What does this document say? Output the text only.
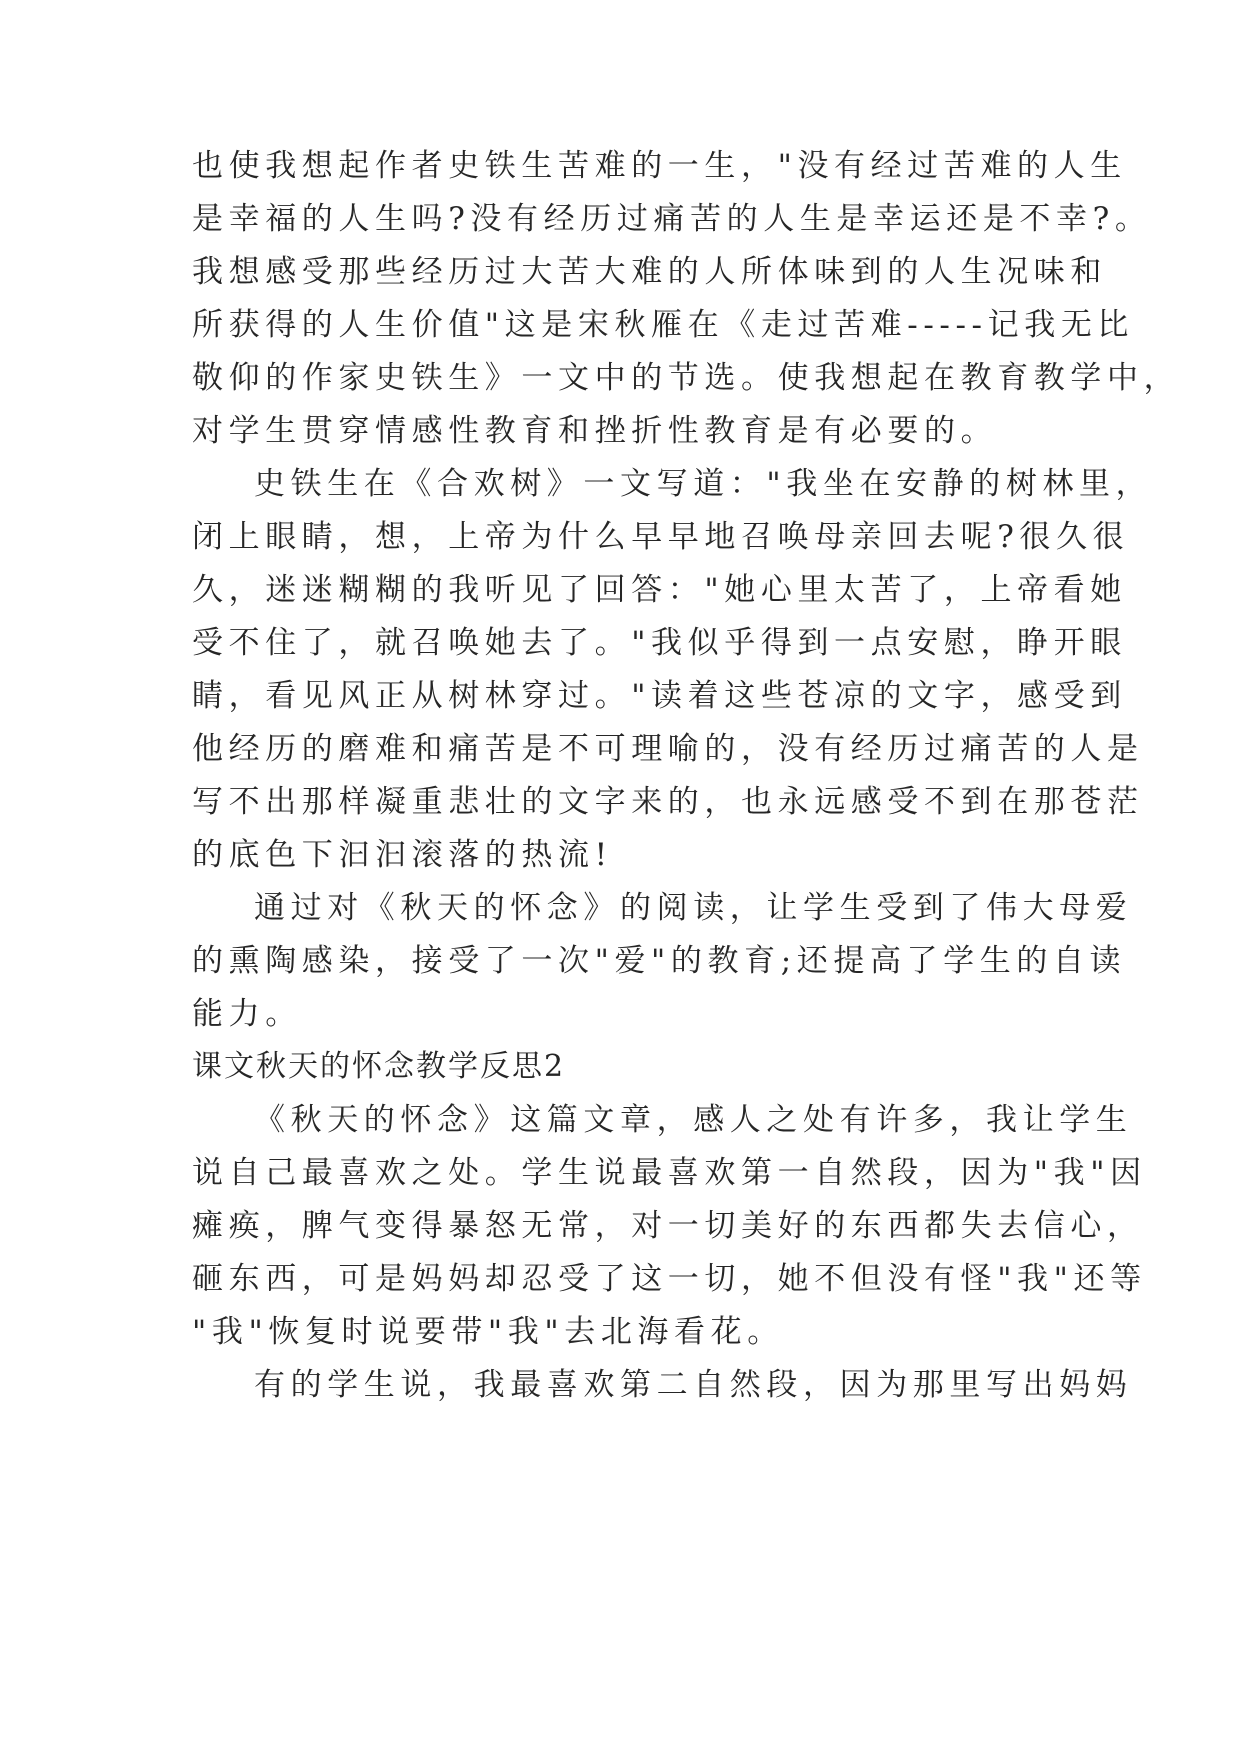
也使我想起作者史铁生苦难的一生，"没有经过苦难的人生
是幸福的人生吗?没有经历过痛苦的人生是幸运还是不幸?。
我想感受那些经历过大苦大难的人所体味到的人生况味和
所获得的人生价值"这是宋秋雁在《走过苦难-----记我无比
敬仰的作家史铁生》一文中的节选。使我想起在教育教学中，
对学生贯穿情感性教育和挫折性教育是有必要的。
史铁生在《合欢树》一文写道："我坐在安静的树林里，
闭上眼睛，想，上帝为什么早早地召唤母亲回去呢?很久很
久，迷迷糊糊的我听见了回答："她心里太苦了，上帝看她
受不住了，就召唤她去了。"我似乎得到一点安慰，睁开眼
睛，看见风正从树林穿过。"读着这些苍凉的文字，感受到
他经历的磨难和痛苦是不可理喻的，没有经历过痛苦的人是
写不出那样凝重悲壮的文字来的，也永远感受不到在那苍茫
的底色下汩汩滚落的热流!
通过对《秋天的怀念》的阅读，让学生受到了伟大母爱
的熏陶感染，接受了一次"爱"的教育;还提高了学生的自读
能力。
课文秋天的怀念教学反思2
《秋天的怀念》这篇文章，感人之处有许多，我让学生
说自己最喜欢之处。学生说最喜欢第一自然段，因为"我"因
瘫痪，脾气变得暴怒无常，对一切美好的东西都失去信心，
砸东西，可是妈妈却忍受了这一切，她不但没有怪"我"还等
"我"恢复时说要带"我"去北海看花。
有的学生说，我最喜欢第二自然段，因为那里写出妈妈
